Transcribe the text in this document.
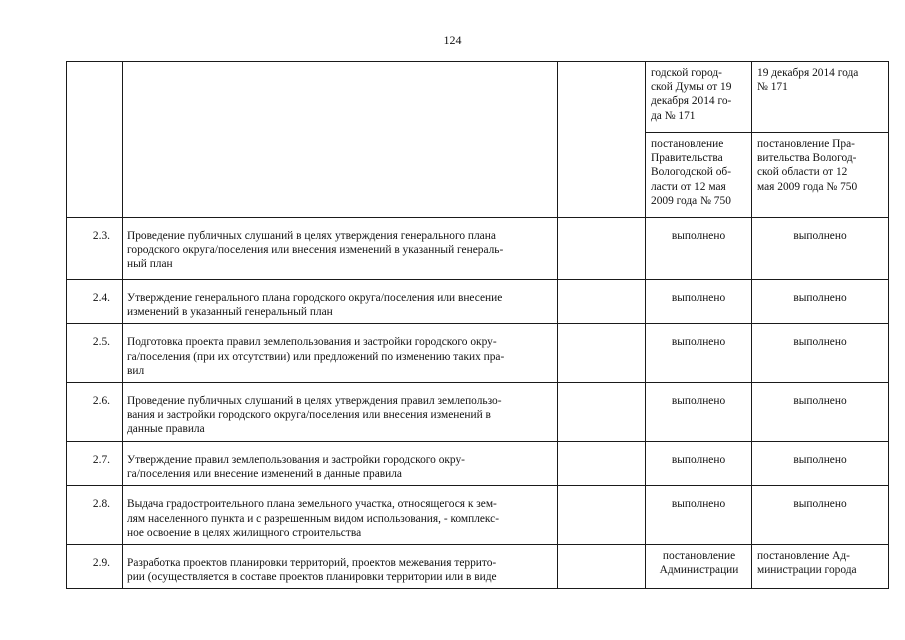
124

			годской город-
ской Думы от 19
декабря 2014 го-
да № 171	19 декабря 2014 года
№ 171

			постановление
Правительства
Вологодской об-
ласти от 12 мая
2009 года № 750	постановление Пра-
вительства Вологод-
ской области от 12
мая 2009 года № 750

2.3.	Проведение публичных слушаний в целях утверждения генерального плана
городского округа/поселения или внесения изменений в указанный генераль-
ный план		выполнено	выполнено
2.4.	Утверждение генерального плана городского округа/поселения или внесение
изменений в указанный генеральный план		выполнено	выполнено
2.5.	Подготовка проекта правил землепользования и застройки городского окру-
га/поселения (при их отсутствии) или предложений по изменению таких пра-
вил		выполнено	выполнено
2.6.	Проведение публичных слушаний в целях утверждения правил землепользо-
вания и застройки городского округа/поселения или внесения изменений в
данные правила		выполнено	выполнено
2.7.	Утверждение правил землепользования и застройки городского окру-
га/поселения или внесение изменений в данные правила		выполнено	выполнено
2.8.	Выдача градостроительного плана земельного участка, относящегося к зем-
лям населенного пункта и с разрешенным видом использования, - комплекс-
ное освоение в целях жилищного строительства		выполнено	выполнено
2.9.	Разработка проектов планировки территорий, проектов межевания террито-
рии (осуществляется в составе проектов планировки территории или в виде		постановление
Администрации	постановление Ад-
министрации города
